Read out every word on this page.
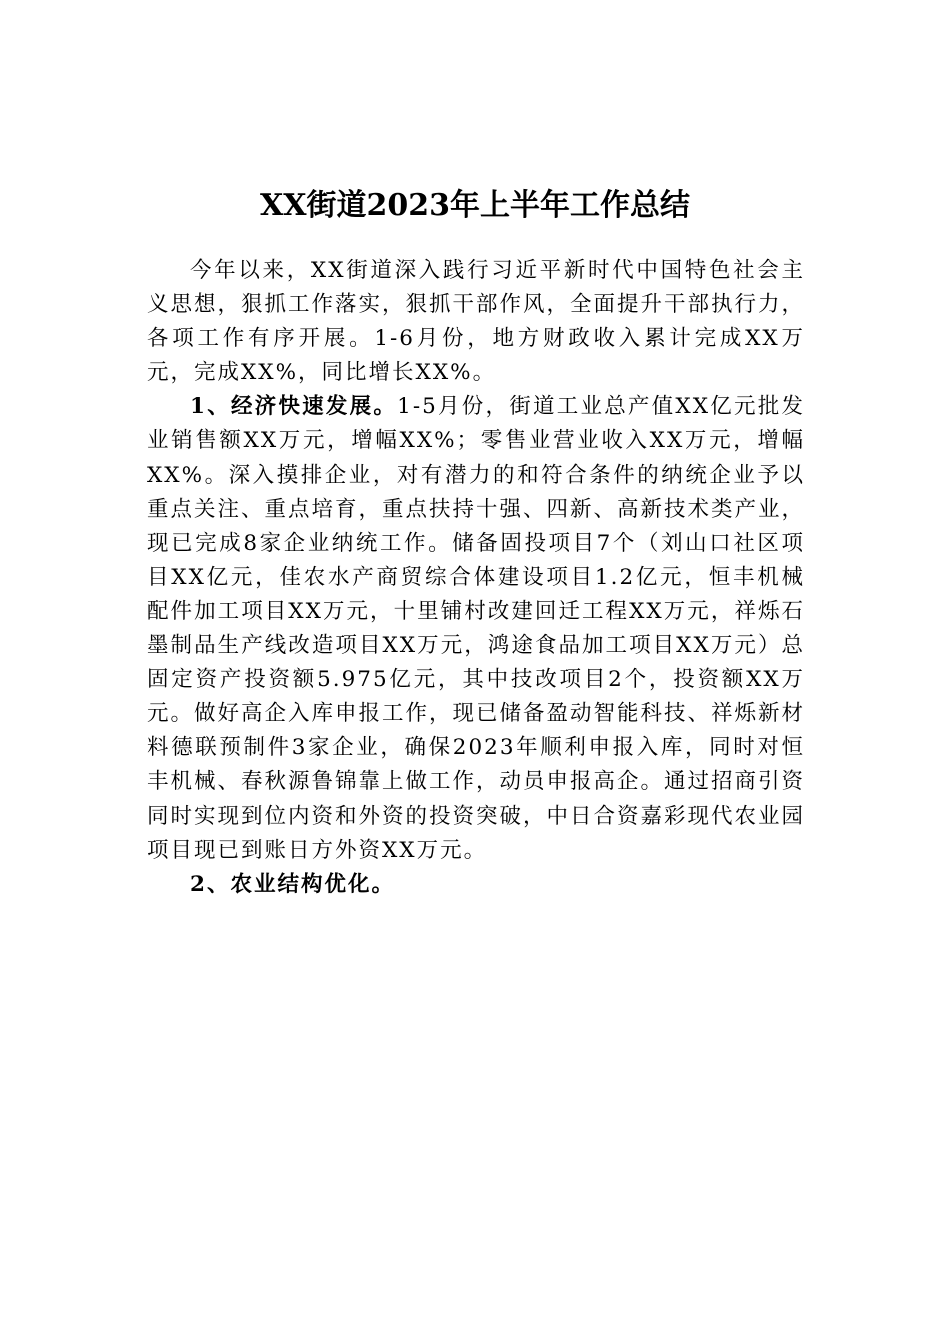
XX街道2023年上半年工作总结

今年以来，XX街道深入践行习近平新时代中国特色社会主义思想，狠抓工作落实，狠抓干部作风，全面提升干部执行力，各项工作有序开展。1-6月份，地方财政收入累计完成XX万元，完成XX%，同比增长XX%。

1、经济快速发展。1-5月份，街道工业总产值XX亿元批发业销售额XX万元，增幅XX%；零售业营业收入XX万元，增幅XX%。深入摸排企业，对有潜力的和符合条件的纳统企业予以重点关注、重点培育，重点扶持十强、四新、高新技术类产业，现已完成8家企业纳统工作。储备固投项目7个（刘山口社区项目XX亿元，佳农水产商贸综合体建设项目1.2亿元，恒丰机械配件加工项目XX万元，十里铺村改建回迁工程XX万元，祥烁石墨制品生产线改造项目XX万元，鸿途食品加工项目XX万元）总固定资产投资额5.975亿元，其中技改项目2个，投资额XX万元。做好高企入库申报工作，现已储备盈动智能科技、祥烁新材料德联预制件3家企业，确保2023年顺利申报入库，同时对恒丰机械、春秋源鲁锦靠上做工作，动员申报高企。通过招商引资同时实现到位内资和外资的投资突破，中日合资嘉彩现代农业园项目现已到账日方外资XX万元。

2、农业结构优化。
